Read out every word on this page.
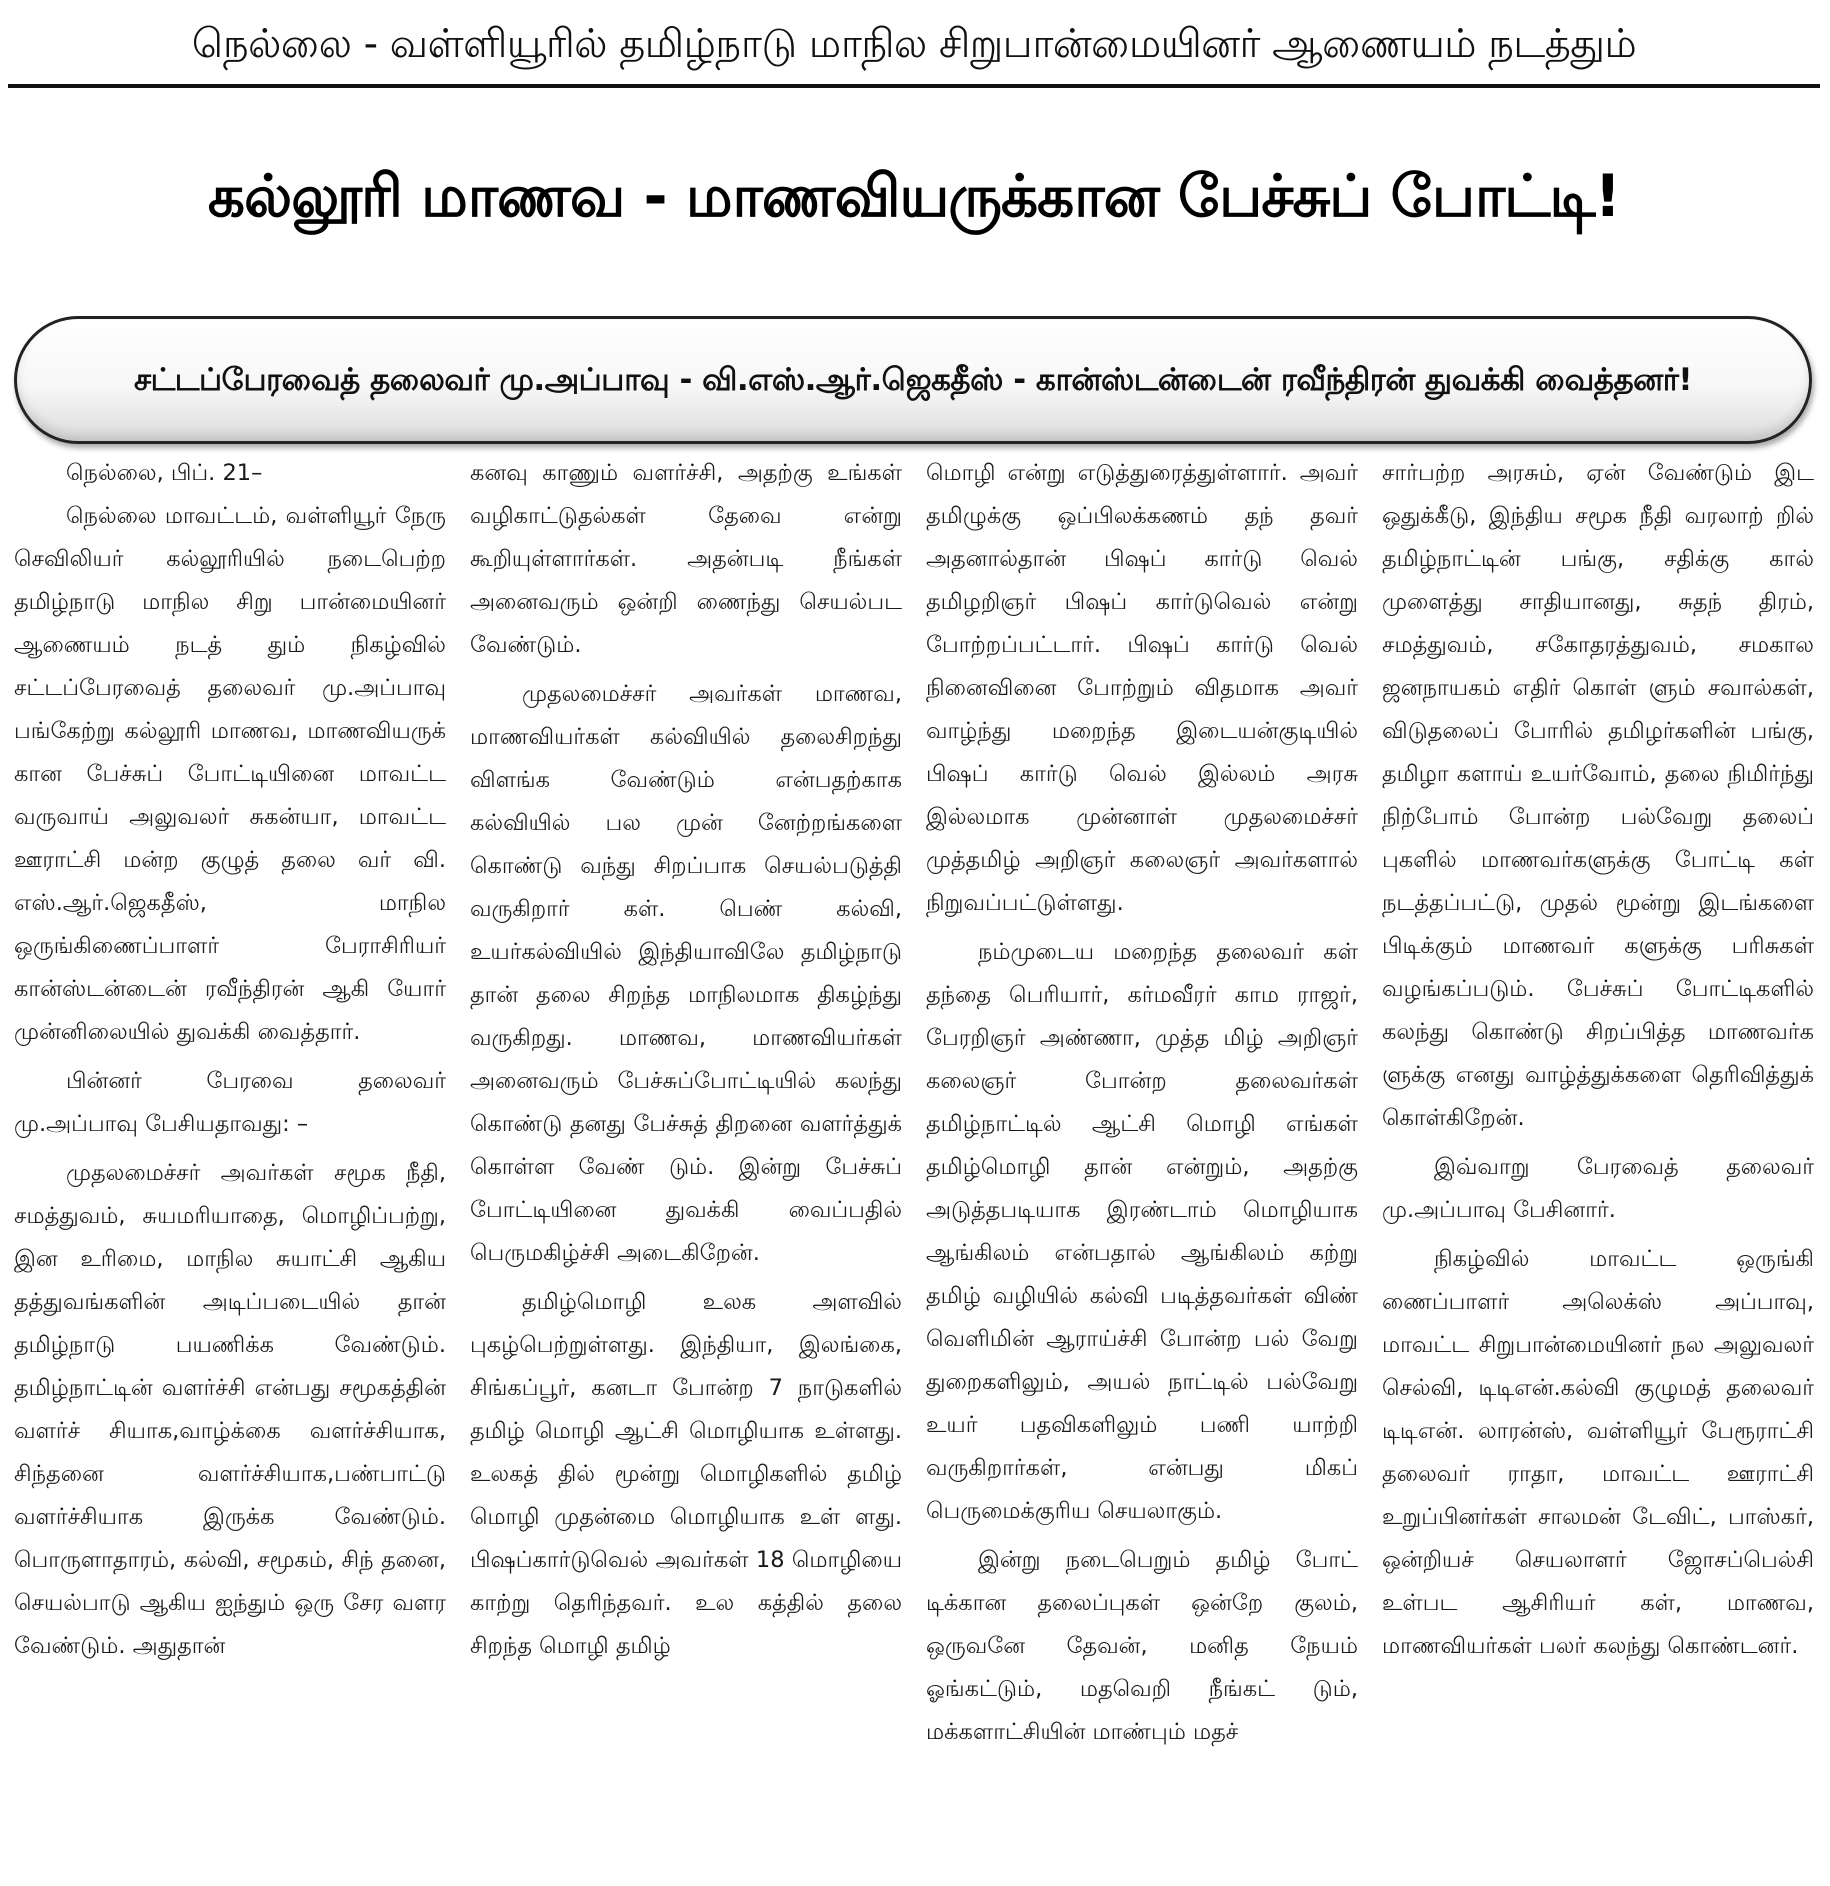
நெல்லை - வள்ளியூரில் தமிழ்நாடு மாநில சிறுபான்மையினர் ஆணையம் நடத்தும்
கல்லூரி மாணவ - மாணவியருக்கான பேச்சுப் போட்டி!
சட்டப்பேரவைத் தலைவர் மு.அப்பாவு - வி.எஸ்.ஆர்.ஜெகதீஸ் - கான்ஸ்டன்டைன் ரவீந்திரன் துவக்கி வைத்தனர்!

நெல்லை, பிப். 21–

நெல்லை மாவட்டம், வள்ளியூர் நேரு செவிலியர் கல்லூரியில் நடைபெற்ற தமிழ்நாடு மாநில சிறு பான்மையினர் ஆணையம் நடத் தும் நிகழ்வில் சட்டப்பேரவைத் தலைவர் மு.அப்பாவு பங்கேற்று கல்லூரி மாணவ, மாணவியருக் கான பேச்சுப் போட்டியினை மாவட்ட வருவாய் அலுவலர் சுகன்யா, மாவட்ட ஊராட்சி மன்ற குழுத் தலை வர் வி. எஸ்.ஆர்.ஜெகதீஸ், மாநில ஒருங்கிணைப்பாளர் பேராசிரியர் கான்ஸ்டன்டைன் ரவீந்திரன் ஆகி யோர் முன்னிலையில் துவக்கி வைத்தார்.

பின்னர் பேரவை தலைவர் மு.அப்பாவு பேசியதாவது: –

முதலமைச்சர் அவர்கள் சமூக நீதி, சமத்துவம், சுயமரியாதை, மொழிப்பற்று, இன உரிமை, மாநில சுயாட்சி ஆகிய தத்துவங்களின் அடிப்படையில் தான் தமிழ்நாடு பயணிக்க வேண்டும். தமிழ்நாட்டின் வளர்ச்சி என்பது சமூகத்தின் வளர்ச் சியாக,வாழ்க்கை வளர்ச்சியாக, சிந்தனை வளர்ச்சியாக,பண்பாட்டு வளர்ச்சியாக இருக்க வேண்டும். பொருளாதாரம், கல்வி, சமூகம், சிந் தனை, செயல்பாடு ஆகிய ஐந்தும் ஒரு சேர வளர வேண்டும். அதுதான்

கனவு காணும் வளர்ச்சி, அதற்கு உங்கள் வழிகாட்டுதல்கள் தேவை என்று கூறியுள்ளார்கள். அதன்படி நீங்கள் அனைவரும் ஒன்றி ணைந்து செயல்பட வேண்டும்.

முதலமைச்சர் அவர்கள் மாணவ, மாணவியர்கள் கல்வியில் தலைசிறந்து விளங்க வேண்டும் என்பதற்காக கல்வியில் பல முன் னேற்றங்களை கொண்டு வந்து சிறப்பாக செயல்படுத்தி வருகிறார் கள். பெண் கல்வி, உயர்கல்வியில் இந்தியாவிலே தமிழ்நாடு தான் தலை சிறந்த மாநிலமாக திகழ்ந்து வருகிறது. மாணவ, மாணவியர்கள் அனைவரும் பேச்சுப்போட்டியில் கலந்து கொண்டு தனது பேச்சுத் திறனை வளர்த்துக் கொள்ள வேண் டும். இன்று பேச்சுப் போட்டியினை துவக்கி வைப்பதில் பெருமகிழ்ச்சி அடைகிறேன்.

தமிழ்மொழி உலக அளவில் புகழ்பெற்றுள்ளது. இந்தியா, இலங்கை, சிங்கப்பூர், கனடா போன்ற 7 நாடுகளில் தமிழ் மொழி ஆட்சி மொழியாக உள்ளது. உலகத் தில் மூன்று மொழிகளில் தமிழ் மொழி முதன்மை மொழியாக உள் ளது. பிஷப்கார்டுவெல் அவர்கள் 18 மொழியை காற்று தெரிந்தவர். உல கத்தில் தலை சிறந்த மொழி தமிழ்

மொழி என்று எடுத்துரைத்துள்ளார். அவர் தமிழுக்கு ஒப்பிலக்கணம் தந் தவர் அதனால்தான் பிஷப் கார்டு வெல் தமிழறிஞர் பிஷப் கார்டுவெல் என்று போற்றப்பட்டார். பிஷப் கார்டு வெல் நினைவினை போற்றும் விதமாக அவர் வாழ்ந்து மறைந்த இடையன்குடியில் பிஷப் கார்டு வெல் இல்லம் அரசு இல்லமாக முன்னாள் முதலமைச்சர் முத்தமிழ் அறிஞர் கலைஞர் அவர்களால் நிறுவப்பட்டுள்ளது.

நம்முடைய மறைந்த தலைவர் கள் தந்தை பெரியார், கர்மவீரர் காம ராஜர், பேரறிஞர் அண்ணா, முத்த மிழ் அறிஞர் கலைஞர் போன்ற தலைவர்கள் தமிழ்நாட்டில் ஆட்சி மொழி எங்கள் தமிழ்மொழி தான் என்றும், அதற்கு அடுத்தபடியாக இரண்டாம் மொழியாக ஆங்கிலம் என்பதால் ஆங்கிலம் கற்று தமிழ் வழியில் கல்வி படித்தவர்கள் விண் வெளிமின் ஆராய்ச்சி போன்ற பல் வேறு துறைகளிலும், அயல் நாட்டில் பல்வேறு உயர் பதவிகளிலும் பணி யாற்றி வருகிறார்கள், என்பது மிகப் பெருமைக்குரிய செயலாகும்.

இன்று நடைபெறும் தமிழ் போட் டிக்கான தலைப்புகள் ஒன்றே குலம், ஒருவனே தேவன், மனித நேயம் ஓங்கட்டும், மதவெறி நீங்கட் டும், மக்களாட்சியின் மாண்பும் மதச்

சார்பற்ற அரசும், ஏன் வேண்டும் இட ஒதுக்கீடு, இந்திய சமூக நீதி வரலாற் றில் தமிழ்நாட்டின் பங்கு, சதிக்கு கால் முளைத்து சாதியானது, சுதந் திரம், சமத்துவம், சகோதரத்துவம், சமகால ஜனநாயகம் எதிர் கொள் ளும் சவால்கள், விடுதலைப் போரில் தமிழர்களின் பங்கு, தமிழா களாய் உயர்வோம், தலை நிமிர்ந்து நிற்போம் போன்ற பல்வேறு தலைப் புகளில் மாணவர்களுக்கு போட்டி கள் நடத்தப்பட்டு, முதல் மூன்று இடங்களை பிடிக்கும் மாணவர் களுக்கு பரிசுகள் வழங்கப்படும். பேச்சுப் போட்டிகளில் கலந்து கொண்டு சிறப்பித்த மாணவர்க ளுக்கு எனது வாழ்த்துக்களை தெரிவித்துக் கொள்கிறேன்.

இவ்வாறு பேரவைத் தலைவர் மு.அப்பாவு பேசினார்.

நிகழ்வில் மாவட்ட ஒருங்கி ணைப்பாளர் அலெக்ஸ் அப்பாவு, மாவட்ட சிறுபான்மையினர் நல அலுவலர் செல்வி, டிடிஎன்.கல்வி குழுமத் தலைவர் டிடிஎன். லாரன்ஸ், வள்ளியூர் பேரூராட்சி தலைவர் ராதா, மாவட்ட ஊராட்சி உறுப்பினர்கள் சாலமன் டேவிட், பாஸ்கர், ஒன்றியச் செயலாளர் ஜோசப்பெல்சி உள்பட ஆசிரியர் கள், மாணவ, மாணவியர்கள் பலர் கலந்து கொண்டனர்.
